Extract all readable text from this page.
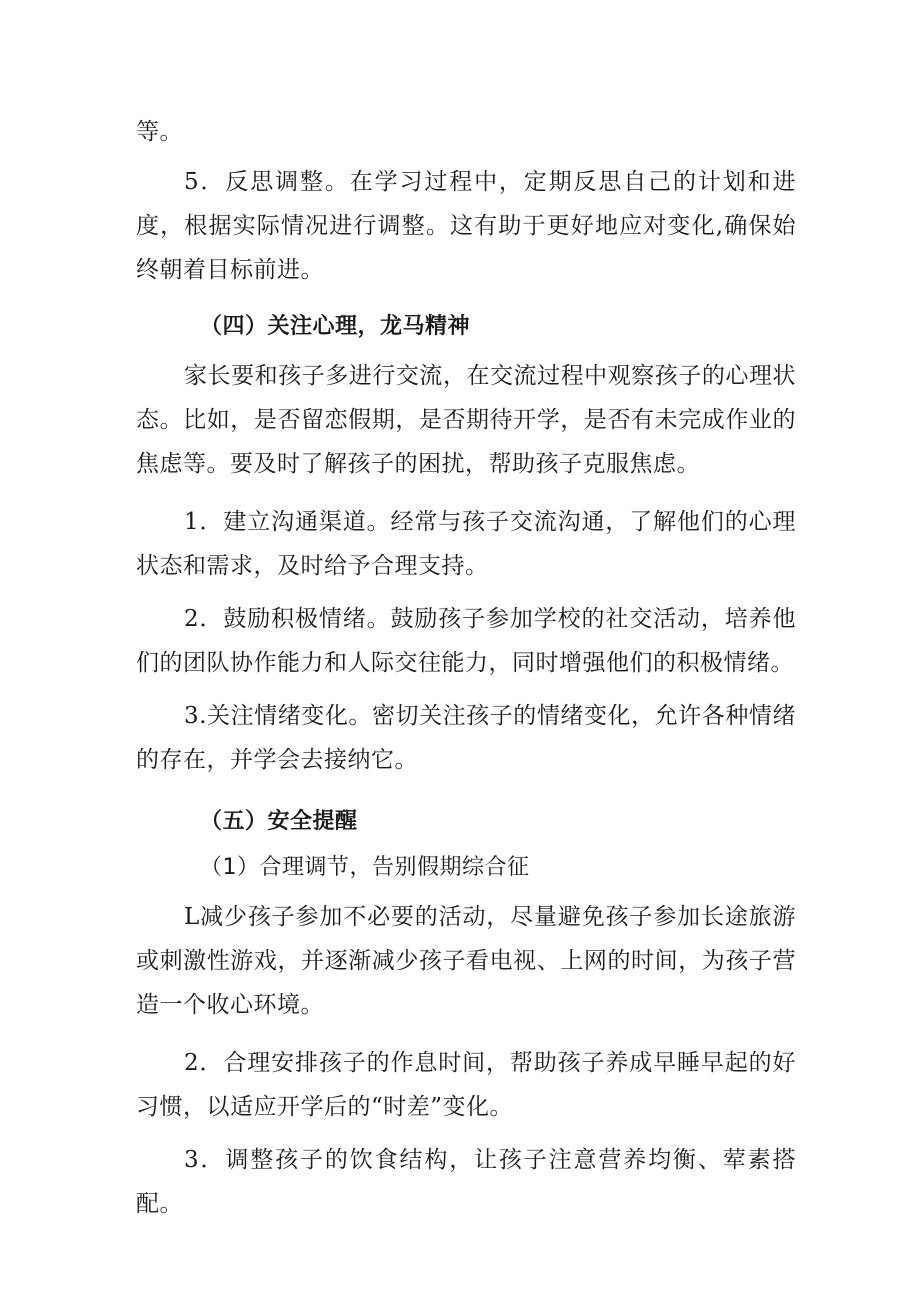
等。

5．反思调整。在学习过程中，定期反思自己的计划和进度，根据实际情况进行调整。这有助于更好地应对变化,确保始终朝着目标前进。

（四）关注心理，龙马精神

家长要和孩子多进行交流，在交流过程中观察孩子的心理状态。比如，是否留恋假期，是否期待开学，是否有未完成作业的焦虑等。要及时了解孩子的困扰，帮助孩子克服焦虑。

1．建立沟通渠道。经常与孩子交流沟通，了解他们的心理状态和需求，及时给予合理支持。

2．鼓励积极情绪。鼓励孩子参加学校的社交活动，培养他们的团队协作能力和人际交往能力，同时增强他们的积极情绪。

3.关注情绪变化。密切关注孩子的情绪变化，允许各种情绪的存在，并学会去接纳它。

（五）安全提醒
（1）合理调节，告别假期综合征

L减少孩子参加不必要的活动，尽量避免孩子参加长途旅游或刺激性游戏，并逐渐减少孩子看电视、上网的时间，为孩子营造一个收心环境。

2．合理安排孩子的作息时间，帮助孩子养成早睡早起的好习惯，以适应开学后的“时差”变化。

3．调整孩子的饮食结构，让孩子注意营养均衡、荤素搭配。
